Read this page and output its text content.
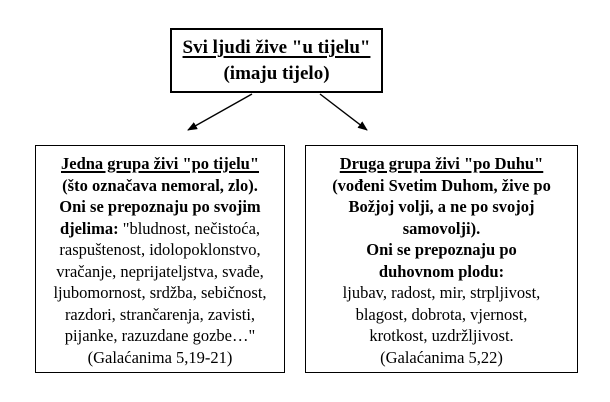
Svi ljudi žive "u tijelu"
(imaju tijelo)
Jedna grupa živi "po tijelu"
(što označava nemoral, zlo).
Oni se prepoznaju po svojim
djelima: "bludnost, nečistoća,
raspuštenost, idolopoklonstvo,
vračanje, neprijateljstva, svađe,
ljubomornost, srdžba, sebičnost,
razdori, strančarenja, zavisti,
pijanke, razuzdane gozbe…"
(Galaćanima 5,19-21)
Druga grupa živi "po Duhu"
(vođeni Svetim Duhom, žive po
Božjoj volji, a ne po svojoj
samovolji).
Oni se prepoznaju po
duhovnom plodu:
ljubav, radost, mir, strpljivost,
blagost, dobrota, vjernost,
krotkost, uzdržljivost.
(Galaćanima 5,22)
